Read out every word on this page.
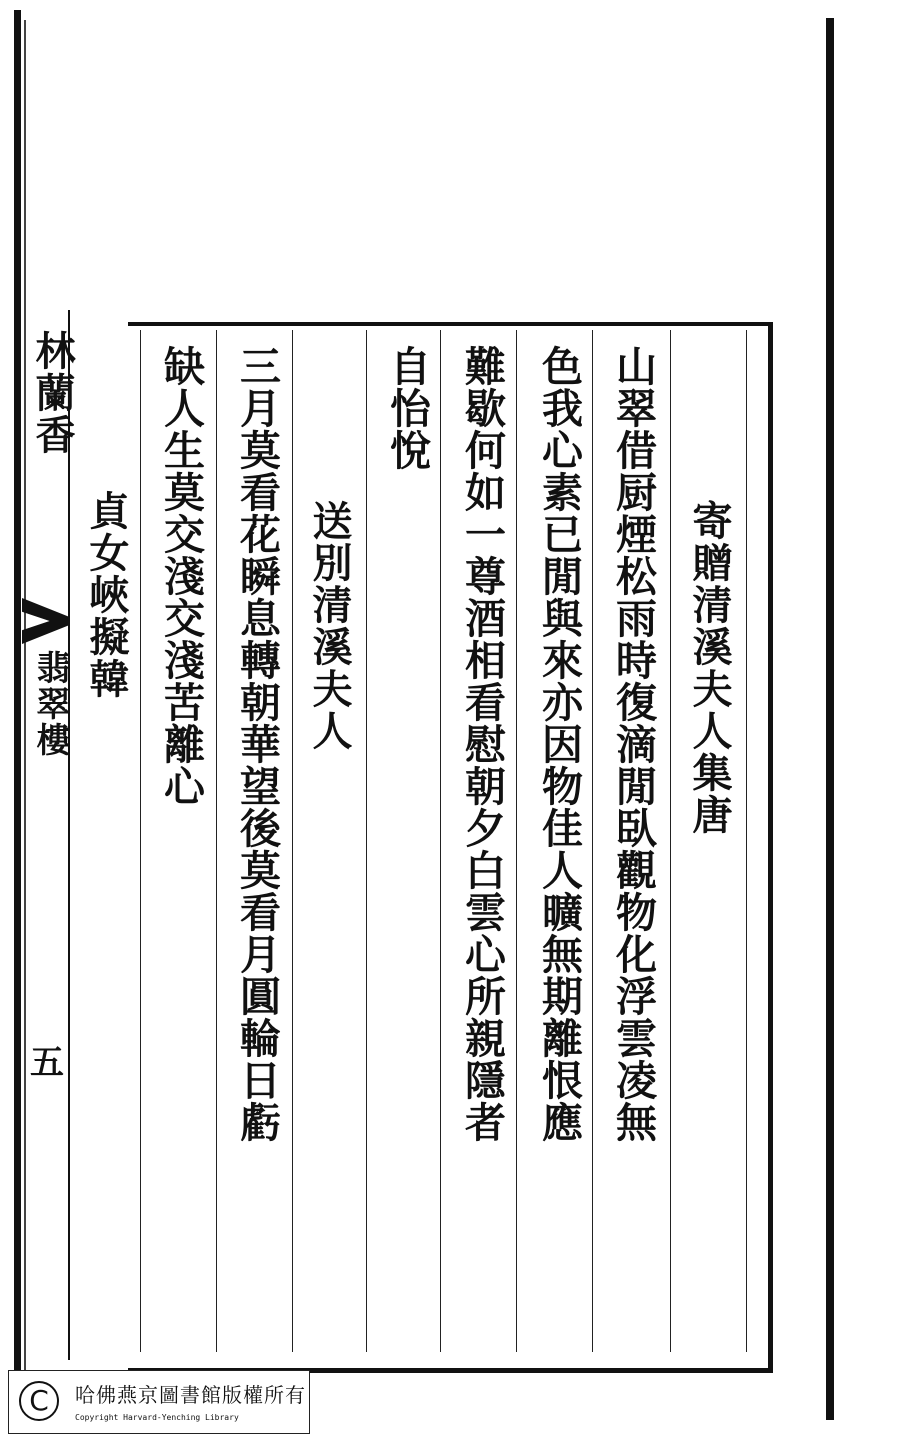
林蘭香
翡翠樓
五
寄贈清溪夫人集唐
山翠借厨煙松雨時復滴閒臥觀物化浮雲凌無
色我心素已閒與來亦因物佳人曠無期離恨應
難歇何如一尊酒相看慰朝夕白雲心所親隱者
自怡悅
送別清溪夫人
三月莫看花瞬息轉朝華望後莫看月圓輪日虧
缺人生莫交淺交淺苦離心
貞女峽擬韓
C	哈佛燕京圖書館版權所有
Copyright Harvard-Yenching Library
